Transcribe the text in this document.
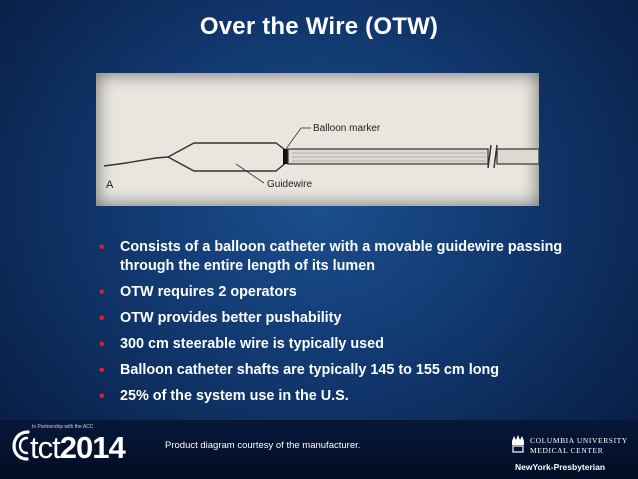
Over the Wire (OTW)
Balloon marker
Guidewire
A
• Consists of a balloon catheter with a movable guidewire passing through the entire length of its lumen
• OTW requires 2 operators
• OTW provides better pushability
• 300 cm steerable wire is typically used
• Balloon catheter shafts are typically 145 to 155 cm long
• 25% of the system use in the U.S.
In Partnership with the ACC
tct2014	Product diagram courtesy of the manufacturer.	COLUMBIA UNIVERSITY
MEDICAL CENTER
NewYork-Presbyterian
